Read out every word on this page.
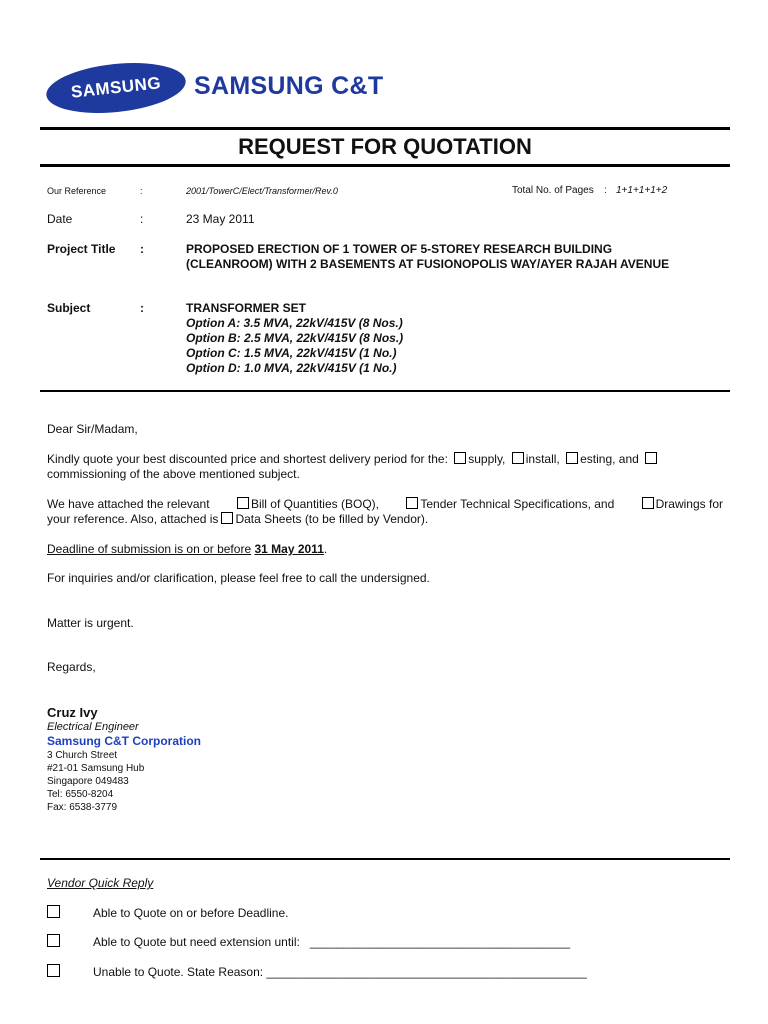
SAMSUNG	SAMSUNG C&T
REQUEST FOR QUOTATION
Our Reference	:	2001/TowerC/Elect/Transformer/Rev.0	Total No. of Pages : 1+1+1+1+2
Date	:	23 May 2011
Project Title :	PROPOSED ERECTION OF 1 TOWER OF 5-STOREY RESEARCH BUILDING
(CLEANROOM) WITH 2 BASEMENTS AT FUSIONOPOLIS WAY/AYER RAJAH AVENUE
Subject	:	TRANSFORMER SET
Option A: 3.5 MVA, 22kV/415V (8 Nos.)
Option B: 2.5 MVA, 22kV/415V (8 Nos.)
Option C: 1.5 MVA, 22kV/415V (1 No.)
Option D: 1.0 MVA, 22kV/415V (1 No.)
Dear Sir/Madam,
Kindly quote your best discounted price and shortest delivery period for the: supply, install, esting, and
commissioning of the above mentioned subject.
We have attached the relevant	Bill of Quantities (BOQ),	Tender Technical Specifications, and	Drawings for
your reference. Also, attached is Data Sheets (to be filled by Vendor).
Deadline of submission is on or before 31 May 2011.
For inquiries and/or clarification, please feel free to call the undersigned.
Matter is urgent.
Regards,
Cruz Ivy
Electrical Engineer
Samsung C&T Corporation
3 Church Street
#21-01 Samsung Hub
Singapore 049483
Tel: 6550-8204
Fax: 6538-3779
Vendor Quick Reply
Able to Quote on or before Deadline.
Able to Quote but need extension until:   _______________________________________
Unable to Quote. State Reason: ________________________________________________
